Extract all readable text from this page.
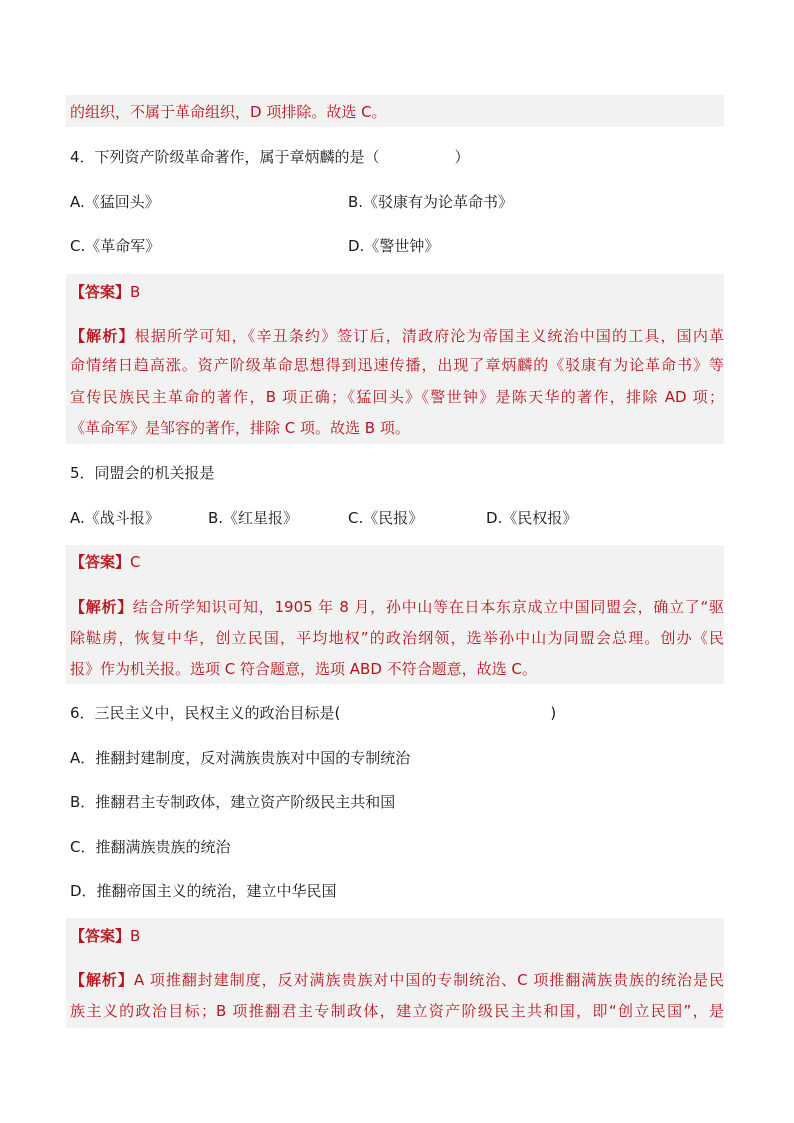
的组织，不属于革命组织，D 项排除。故选 C。
4．下列资产阶级革命著作，属于章炳麟的是（　　　　　）
A.《猛回头》	B.《驳康有为论革命书》
C.《革命军》	D.《警世钟》
【答案】B
【解析】根据所学可知，《辛丑条约》签订后，清政府沦为帝国主义统治中国的工具，国内革
命情绪日趋高涨。资产阶级革命思想得到迅速传播，出现了章炳麟的《驳康有为论革命书》等
宣传民族民主革命的著作，B 项正确；《猛回头》《警世钟》是陈天华的著作，排除 AD 项；
《革命军》是邹容的著作，排除 C 项。故选 B 项。
5．同盟会的机关报是
A.《战斗报》	B.《红星报》	C.《民报》	D.《民权报》
【答案】C
【解析】结合所学知识可知，1905 年 8 月，孙中山等在日本东京成立中国同盟会，确立了“驱
除鞑虏，恢复中华，创立民国，平均地权”的政治纲领，选举孙中山为同盟会总理。创办《民
报》作为机关报。选项 C 符合题意，选项 ABD 不符合题意，故选 C。
6．三民主义中，民权主义的政治目标是(　　　　　　　　　　　　　　)
A．推翻封建制度，反对满族贵族对中国的专制统治
B．推翻君主专制政体，建立资产阶级民主共和国
C．推翻满族贵族的统治
D．推翻帝国主义的统治，建立中华民国
【答案】B
【解析】A 项推翻封建制度，反对满族贵族对中国的专制统治、C 项推翻满族贵族的统治是民
族主义的政治目标；B 项推翻君主专制政体，建立资产阶级民主共和国，即“创立民国”，是
